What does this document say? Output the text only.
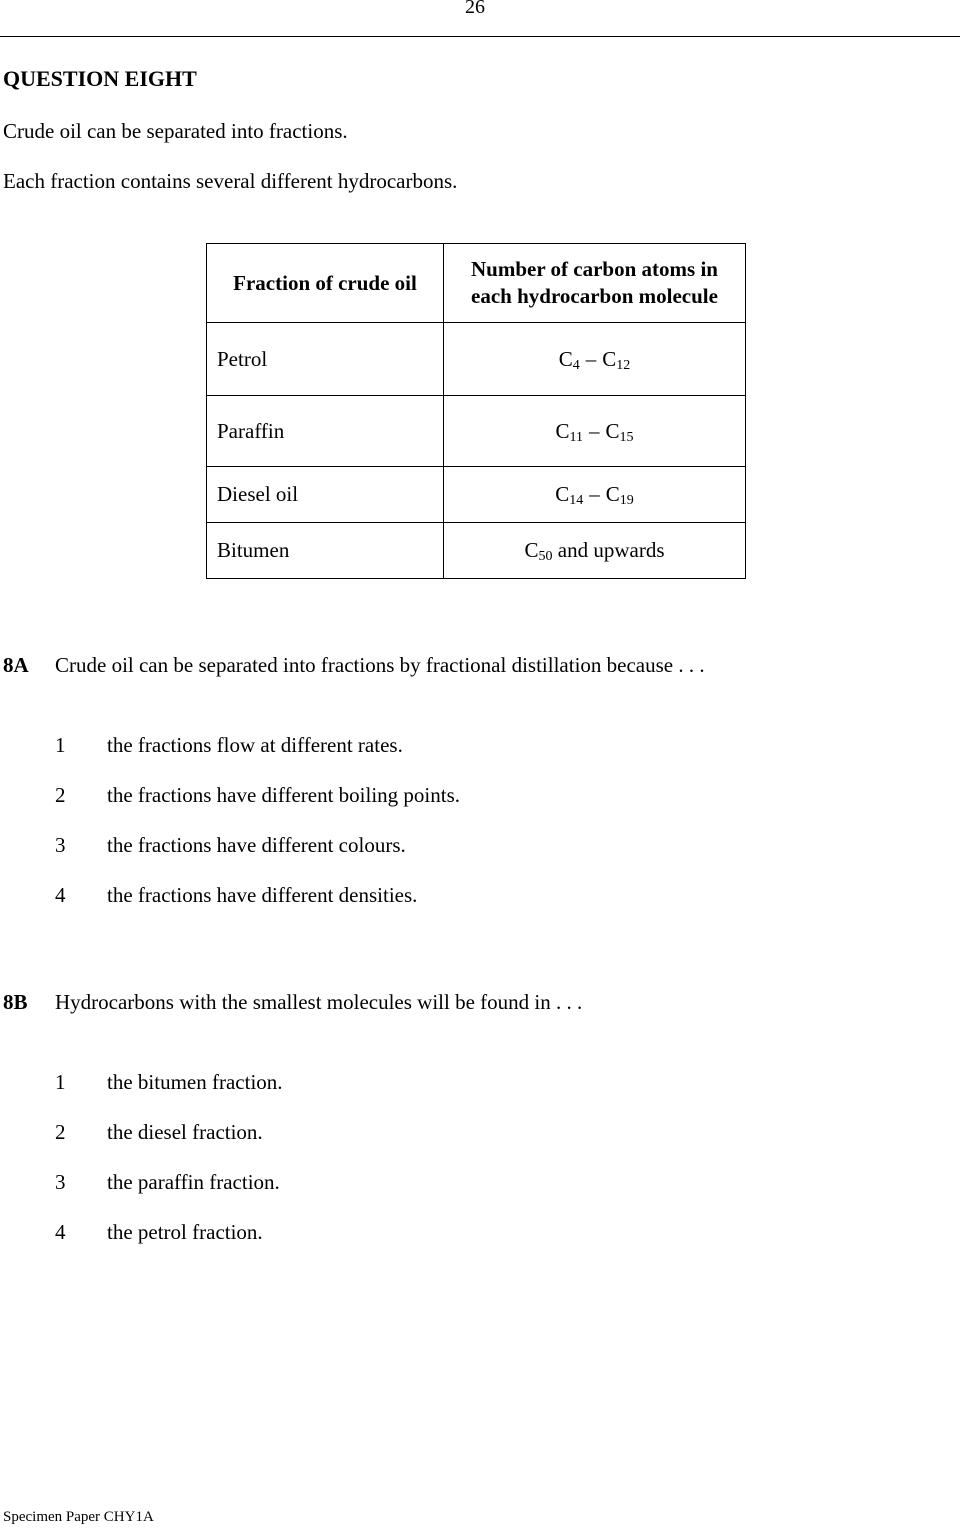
26
QUESTION EIGHT
Crude oil can be separated into fractions.
Each fraction contains several different hydrocarbons.
Fraction of crude oil	Number of carbon atoms in
each hydrocarbon molecule
Petrol	$C_4 - C_{12}$
Paraffin	$C_{11} - C_{15}$
Diesel oil	$C_{14} - C_{19}$
Bitumen	$C_{50}$ and upwards
8A Crude oil can be separated into fractions by fractional distillation because . . .
1 the fractions flow at different rates.
2 the fractions have different boiling points.
3 the fractions have different colours.
4 the fractions have different densities.
8B Hydrocarbons with the smallest molecules will be found in . . .
1 the bitumen fraction.
2 the diesel fraction.
3 the paraffin fraction.
4 the petrol fraction.
Specimen Paper CHY1A
